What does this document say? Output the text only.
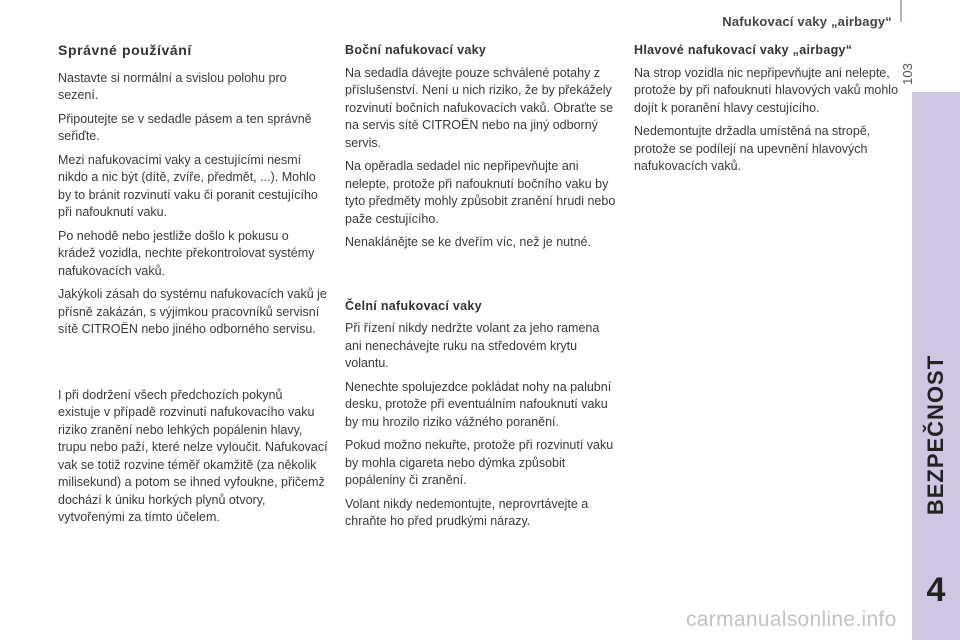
Nafukovací vaky „airbagy“
103
BEZPEČNOST
4
Správné používání

Nastavte si normální a svislou polohu pro sezení.

Připoutejte se v sedadle pásem a ten správně seřiďte.

Mezi nafukovacími vaky a cestujícími nesmí nikdo a nic být (dítě, zvíře, předmět, ...). Mohlo by to bránit rozvinutí vaku či poranit cestujícího při nafouknutí vaku.

Po nehodě nebo jestliže došlo k pokusu o krádež vozidla, nechte překontrolovat systémy nafukovacích vaků.

Jakýkoli zásah do systému nafukovacích vaků je přísně zakázán, s výjimkou pracovníků servisní sítě CITROËN nebo jiného odborného servisu.

I při dodržení všech předchozích pokynů existuje v případě rozvinutí nafukovacího vaku riziko zranění nebo lehkých popálenin hlavy, trupu nebo paží, které nelze vyloučit. Nafukovací vak se totiž rozvine téměř okamžitě (za několik milisekund) a potom se ihned vyfoukne, přičemž dochází k úniku horkých plynů otvory, vytvořenými za tímto účelem.

Boční nafukovací vaky

Na sedadla dávejte pouze schválené potahy z příslušenství. Není u nich riziko, že by překážely rozvinutí bočních nafukovacích vaků. Obraťte se na servis sítě CITROËN nebo na jiný odborný servis.

Na opěradla sedadel nic nepřipevňujte ani nelepte, protože při nafouknutí bočního vaku by tyto předměty mohly způsobit zranění hrudi nebo paže cestujícího.

Nenaklánějte se ke dveřím víc, než je nutné.

Čelní nafukovací vaky

Při řízení nikdy nedržte volant za jeho ramena ani nenechávejte ruku na středovém krytu volantu.

Nenechte spolujezdce pokládat nohy na palubní desku, protože při eventuálním nafouknutí vaku by mu hrozilo riziko vážného poranění.

Pokud možno nekuřte, protože při rozvinutí vaku by mohla cigareta nebo dýmka způsobit popáleniny či zranění.

Volant nikdy nedemontujte, neprovrtávejte a chraňte ho před prudkými nárazy.

Hlavové nafukovací vaky „airbagy“

Na strop vozidla nic nepřipevňujte ani nelepte, protože by při nafouknutí hlavových vaků mohlo dojít k poranění hlavy cestujícího.

Nedemontujte držadla umístěná na stropě, protože se podílejí na upevnění hlavových nafukovacích vaků.

carmanualsonline.info
